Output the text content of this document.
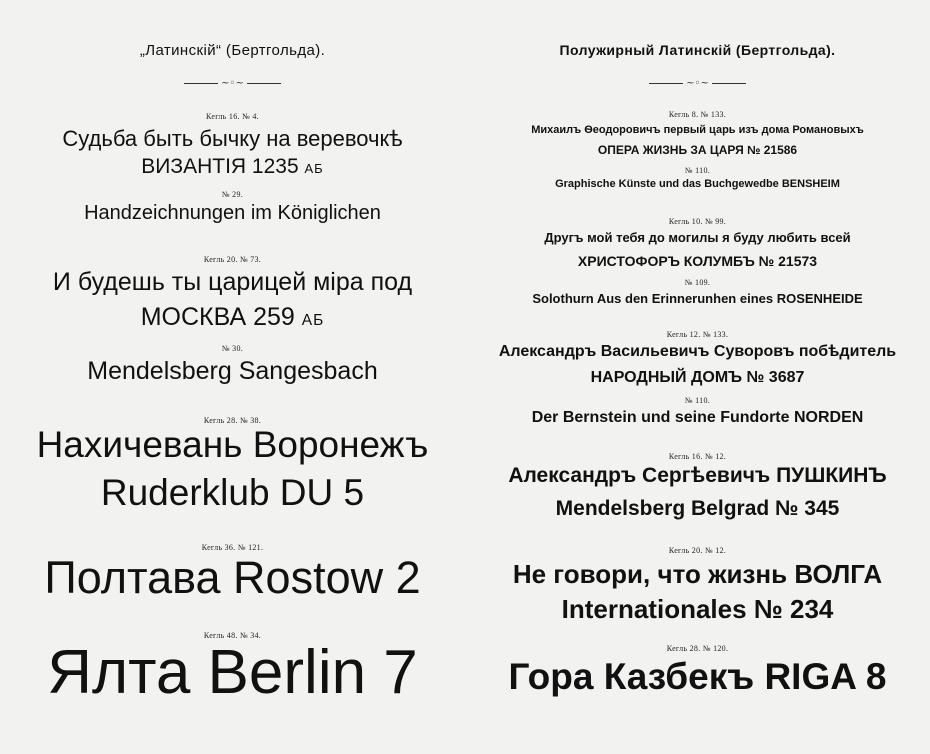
„Латинскій“ (Бертгольда).
~◦~
Кегль 16. № 4.
Судьба быть бычку на веревочкѣ
ВИЗАНТІЯ 1235 АБ
№ 29.
Handzeichnungen im Königlichen
Кегль 20. № 73.
И будешь ты царицей міра под
МОСКВА 259 АБ
№ 30.
Mendelsberg Sangesbach
Кегль 28. № 38.
Нахичевань Воронежъ
Ruderklub DU 5
Кегль 36. № 121.
Полтава Rostow 2
Кегль 48. № 34.
Ялта Berlin 7
Полужирный Латинскій (Бертгольда).
~◦~
Кегль 8. № 133.
Михаилъ Ѳеодоровичъ первый царь изъ дома Романовыхъ
ОПЕРА ЖИЗНЬ ЗА ЦАРЯ № 21586
№ 110.
Graphische Künste und das Buchgewedbe BENSHEIM
Кегль 10. № 99.
Другъ мой тебя до могилы я буду любить всей
ХРИСТОФОРЪ КОЛУМБЪ № 21573
№ 109.
Solothurn Aus den Erinnerunhen eines ROSENHEIDE
Кегль 12. № 133.
Александръ Васильевичъ Суворовъ побѣдитель
НАРОДНЫЙ ДОМЪ № 3687
№ 110.
Der Bernstein und seine Fundorte NORDEN
Кегль 16. № 12.
Александръ Сергѣевичъ ПУШКИНЪ
Mendelsberg Belgrad № 345
Кегль 20. № 12.
Не говори, что жизнь ВОЛГА
Internationales № 234
Кегль 28. № 120.
Гора Казбекъ RIGA 8
